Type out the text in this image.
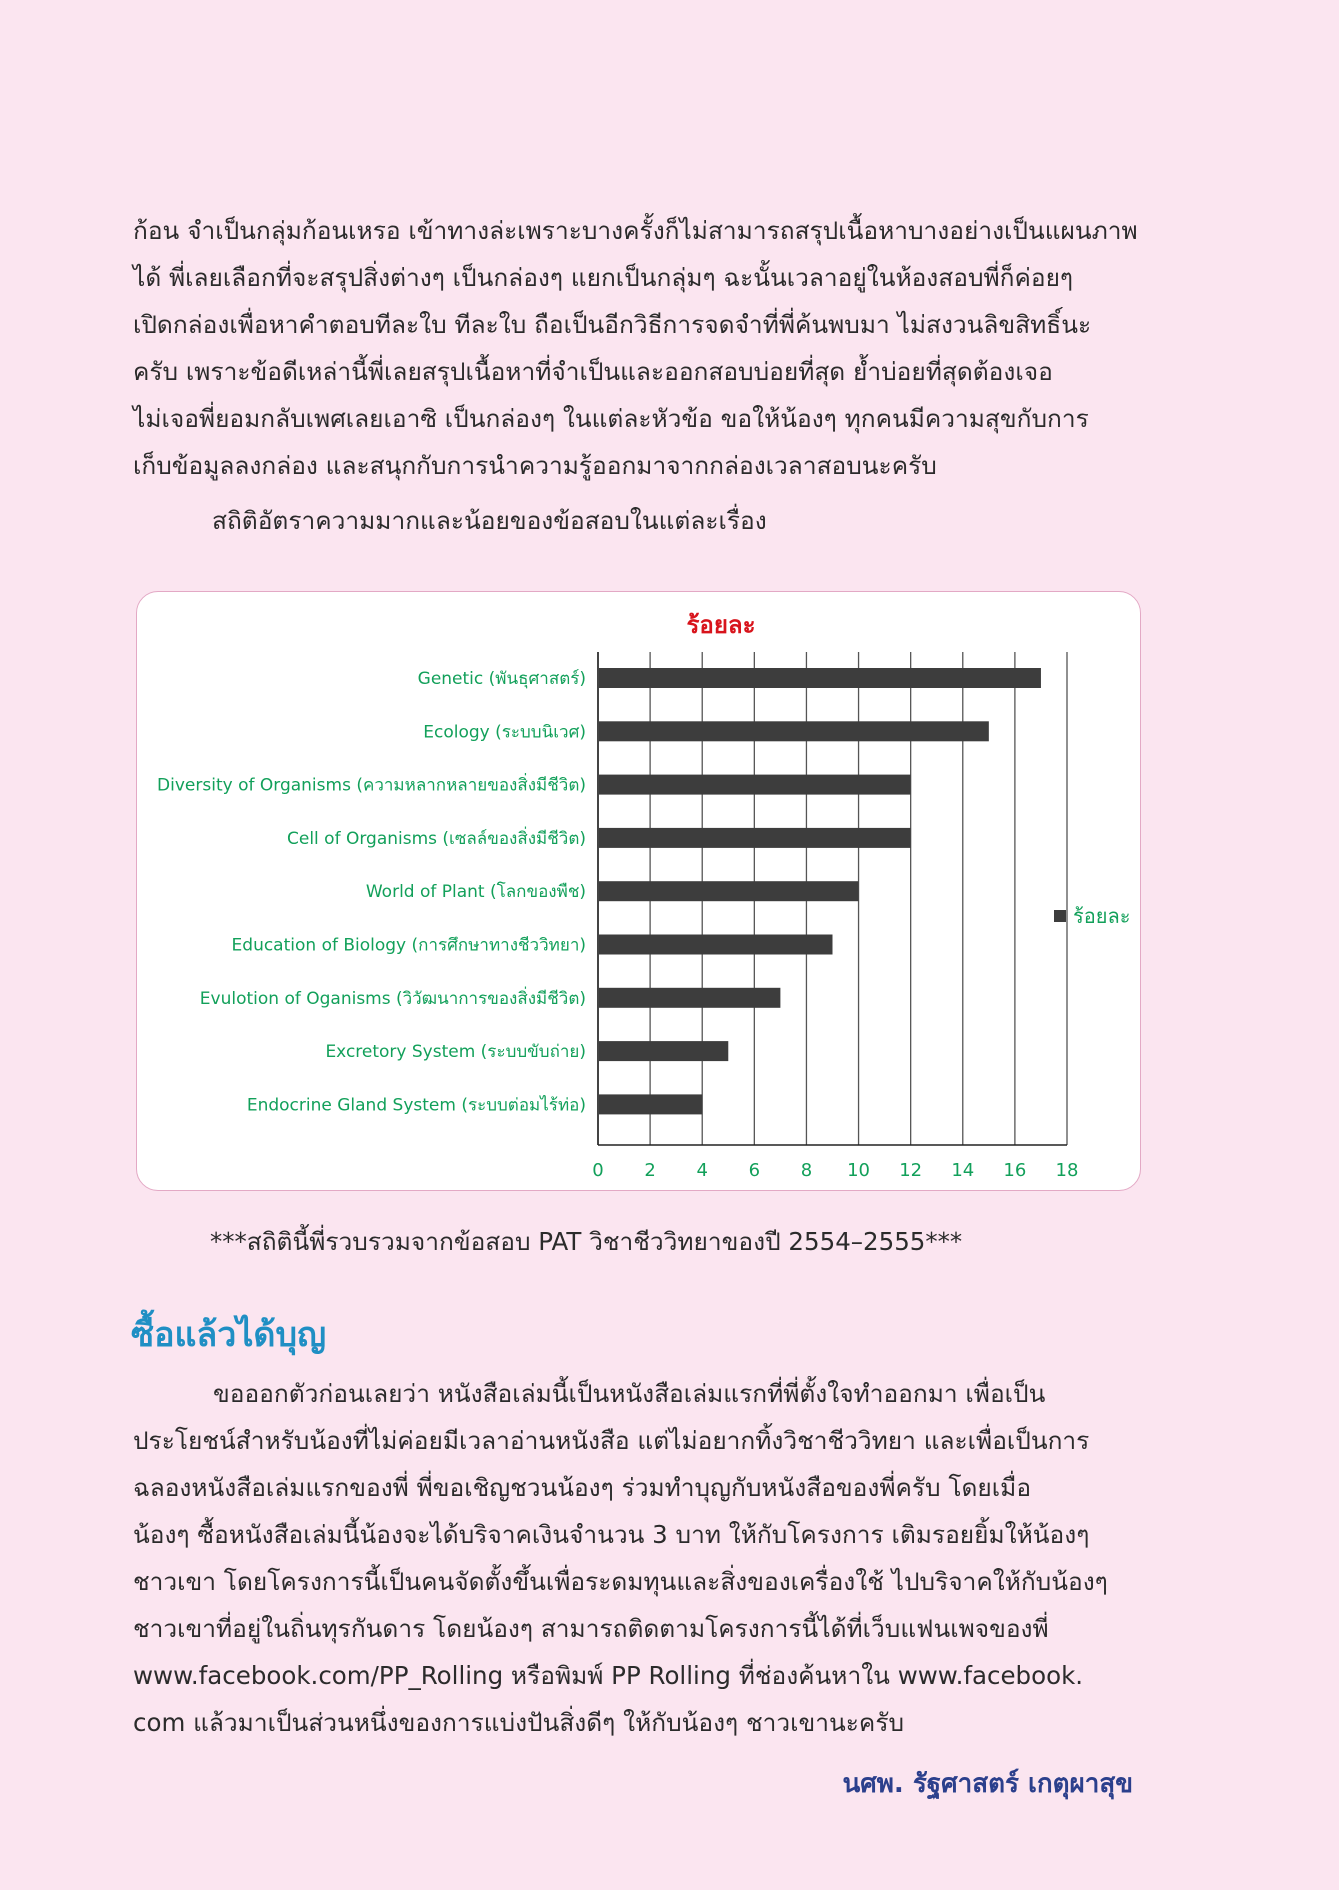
ก้อน จำเป็นกลุ่มก้อนเหรอ เข้าทางล่ะเพราะบางครั้งก็ไม่สามารถสรุปเนื้อหาบางอย่างเป็นแผนภาพ
ได้ พี่เลยเลือกที่จะสรุปสิ่งต่างๆ เป็นกล่องๆ แยกเป็นกลุ่มๆ ฉะนั้นเวลาอยู่ในห้องสอบพี่ก็ค่อยๆ
เปิดกล่องเพื่อหาคำตอบทีละใบ ทีละใบ ถือเป็นอีกวิธีการจดจำที่พี่ค้นพบมา ไม่สงวนลิขสิทธิ์นะ
ครับ เพราะข้อดีเหล่านี้พี่เลยสรุปเนื้อหาที่จำเป็นและออกสอบบ่อยที่สุด ย้ำบ่อยที่สุดต้องเจอ
ไม่เจอพี่ยอมกลับเพศเลยเอาซิ เป็นกล่องๆ ในแต่ละหัวข้อ ขอให้น้องๆ ทุกคนมีความสุขกับการ
เก็บข้อมูลลงกล่อง และสนุกกับการนำความรู้ออกมาจากกล่องเวลาสอบนะครับ
สถิติอัตราความมากและน้อยของข้อสอบในแต่ละเรื่อง
ร้อยละ
Genetic (พันธุศาสตร์)
Ecology (ระบบนิเวศ)
Diversity of Organisms (ความหลากหลายของสิ่งมีชีวิต)
Cell of Organisms (เซลล์ของสิ่งมีชีวิต)
World of Plant (โลกของพืช)
Education of Biology (การศึกษาทางชีววิทยา)
Evulotion of Oganisms (วิวัฒนาการของสิ่งมีชีวิต)
Excretory System (ระบบขับถ่าย)
Endocrine Gland System (ระบบต่อมไร้ท่อ)
0 2 4 6 8 10 12 14 16 18
ร้อยละ
***สถิตินี้พี่รวบรวมจากข้อสอบ PAT วิชาชีววิทยาของปี 2554–2555***
ซื้อแล้วได้บุญ
ขอออกตัวก่อนเลยว่า หนังสือเล่มนี้เป็นหนังสือเล่มแรกที่พี่ตั้งใจทำออกมา เพื่อเป็น
ประโยชน์สำหรับน้องที่ไม่ค่อยมีเวลาอ่านหนังสือ แต่ไม่อยากทิ้งวิชาชีววิทยา และเพื่อเป็นการ
ฉลองหนังสือเล่มแรกของพี่ พี่ขอเชิญชวนน้องๆ ร่วมทำบุญกับหนังสือของพี่ครับ โดยเมื่อ
น้องๆ ซื้อหนังสือเล่มนี้น้องจะได้บริจาคเงินจำนวน 3 บาท ให้กับโครงการ เติมรอยยิ้มให้น้องๆ
ชาวเขา โดยโครงการนี้เป็นคนจัดตั้งขึ้นเพื่อระดมทุนและสิ่งของเครื่องใช้ ไปบริจาคให้กับน้องๆ
ชาวเขาที่อยู่ในถิ่นทุรกันดาร โดยน้องๆ สามารถติดตามโครงการนี้ได้ที่เว็บแฟนเพจของพี่
www.facebook.com/PP_Rolling หรือพิมพ์ PP Rolling ที่ช่องค้นหาใน www.facebook.
com แล้วมาเป็นส่วนหนึ่งของการแบ่งปันสิ่งดีๆ ให้กับน้องๆ ชาวเขานะครับ
นศพ. รัฐศาสตร์ เกตุผาสุข
